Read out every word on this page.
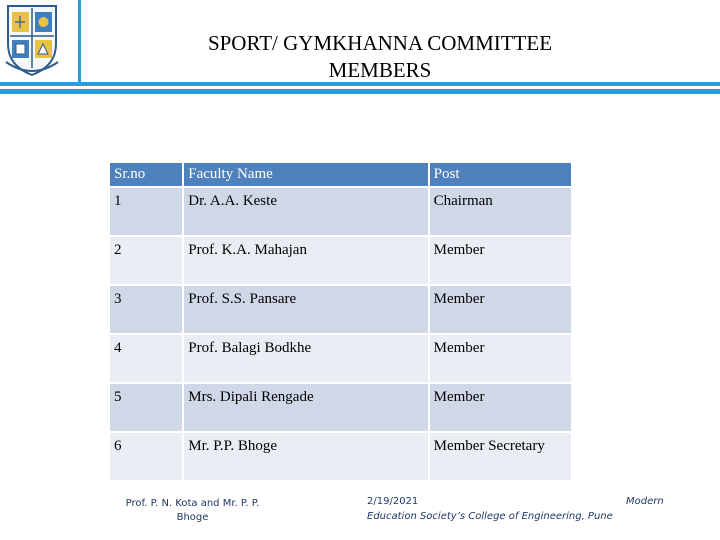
SPORT/ GYMKHANNA COMMITTEE
MEMBERS
Sr.no	Faculty Name	Post
1	Dr. A.A. Keste	Chairman
2	Prof. K.A. Mahajan	Member
3	Prof. S.S. Pansare	Member
4	Prof. Balagi Bodkhe	Member
5	Mrs. Dipali Rengade	Member
6	Mr. P.P. Bhoge	Member Secretary
Prof. P. N. Kota and Mr. P. P.
Bhoge
2/19/2021
Education Society’s College of Engineering, Pune
Modern
